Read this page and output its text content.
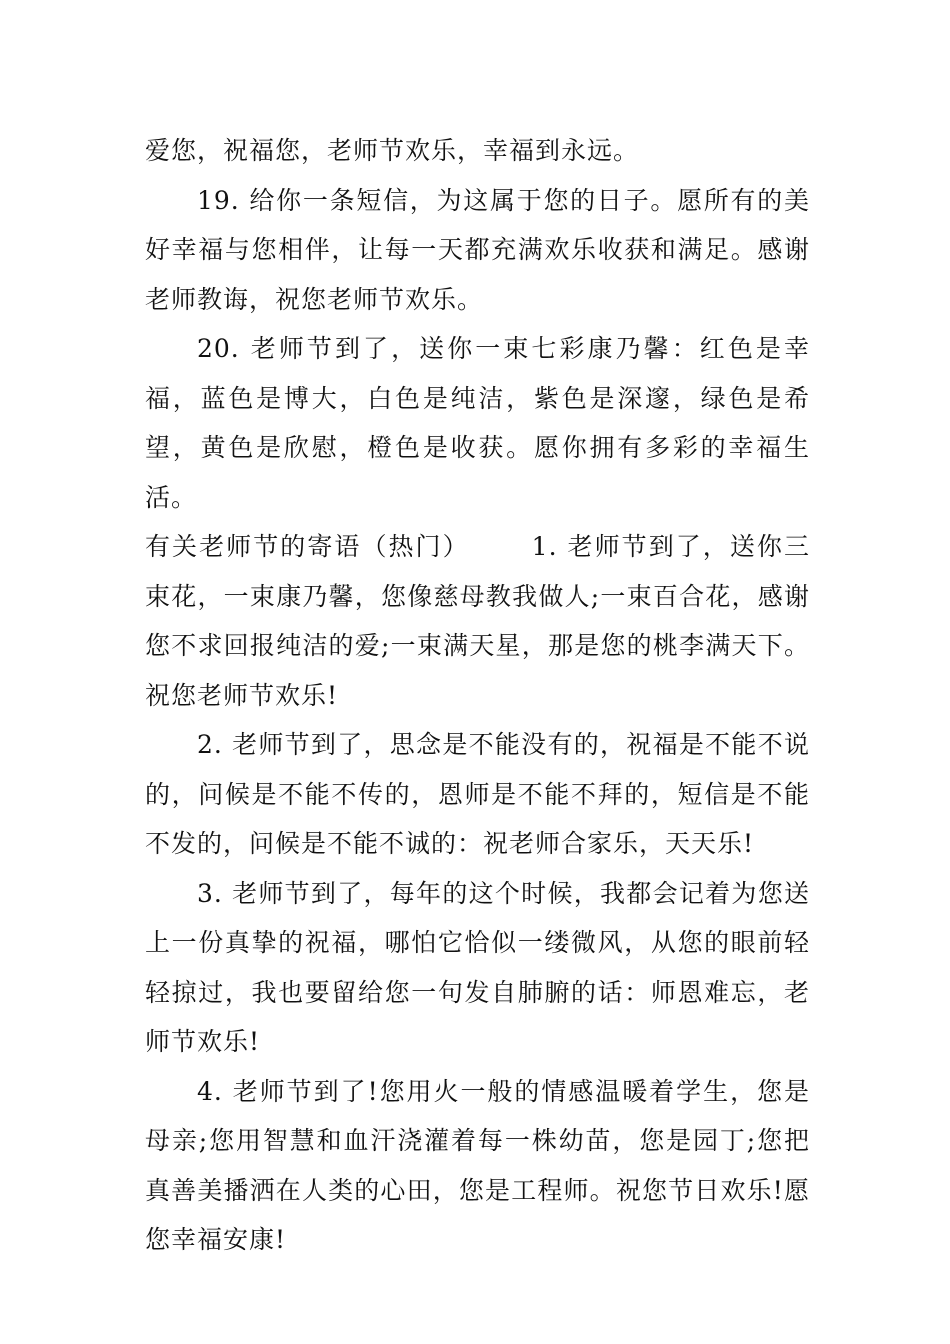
爱您，祝福您，老师节欢乐，幸福到永远。

19. 给你一条短信，为这属于您的日子。愿所有的美好幸福与您相伴，让每一天都充满欢乐收获和满足。感谢老师教诲，祝您老师节欢乐。

20. 老师节到了，送你一束七彩康乃馨：红色是幸福，蓝色是博大，白色是纯洁，紫色是深邃，绿色是希望，黄色是欣慰，橙色是收获。愿你拥有多彩的幸福生活。

有关老师节的寄语（热门） 1. 老师节到了，送你三束花，一束康乃馨，您像慈母教我做人;一束百合花，感谢您不求回报纯洁的爱;一束满天星，那是您的桃李满天下。祝您老师节欢乐!

2. 老师节到了，思念是不能没有的，祝福是不能不说的，问候是不能不传的，恩师是不能不拜的，短信是不能不发的，问候是不能不诚的：祝老师合家乐，天天乐!

3. 老师节到了，每年的这个时候，我都会记着为您送上一份真挚的祝福，哪怕它恰似一缕微风，从您的眼前轻轻掠过，我也要留给您一句发自肺腑的话：师恩难忘，老师节欢乐!

4. 老师节到了!您用火一般的情感温暖着学生，您是母亲;您用智慧和血汗浇灌着每一株幼苗，您是园丁;您把真善美播洒在人类的心田，您是工程师。祝您节日欢乐!愿您幸福安康!
